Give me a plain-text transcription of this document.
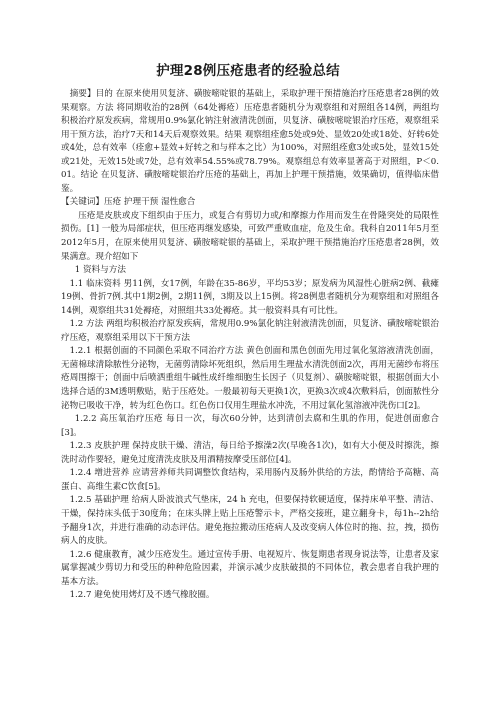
护理28例压疮患者的经验总结

摘要】目的 在原来使用贝复济、磺胺嘧啶银的基础上，采取护理干预措施治疗压疮患者28例的效果观察。方法 将同期收治的28例（64处褥疮）压疮患者随机分为观察组和对照组各14例，两组均积极治疗原发疾病，常规用0.9%氯化钠注射液清洗创面，贝复济、磺胺嘧啶银治疗压疮，观察组采用干预方法，治疗7天和14天后观察效果。结果 观察组痊愈5处或9处、显效20处或18处、好转6处或4处，总有效率（痊愈+显效+好转之和与样本之比）为100%，对照组痊愈3处或5处，显效15处或21处，无效15处或7处，总有效率54.55%或78.79%。观察组总有效率显著高于对照组，P＜0.01。结论 在贝复济、磺胺嘧啶银治疗压疮的基础上，再加上护理干预措施，效果确切，值得临床借鉴。

【关键词】压疮 护理干预 湿性愈合

压疮是皮肤或皮下组织由于压力，或复合有剪切力或/和摩擦力作用而发生在骨隆突处的局限性损伤。[1] 一般为局部症状，但压疮再继发感染，可致严重败血症，危及生命。我科自2011年5月至2012年5月，在原来使用贝复济、磺胺嘧啶银的基础上，采取护理干预措施治疗压疮患者28例，效果满意。现介绍如下

1 资料与方法

1.1 临床资料 男11例，女17例，年龄在35-86岁，平均53岁；原发病为风湿性心脏病2例、截瘫19例、骨折7例.其中1期2例，2期11例，3期及以上15例。将28例患者随机分为观察组和对照组各14例，观察组共31处褥疮，对照组共33处褥疮。其一般资料具有可比性。

1.2 方法 两组均积极治疗原发疾病，常规用0.9%氯化钠注射液清洗创面，贝复济、磺胺嘧啶银治疗压疮，观察组采用以下干预方法

1.2.1 根据创面的不同颜色采取不同治疗方法 黄色创面和黑色创面先用过氧化氢溶液清洗创面，无菌棉球清除脓性分泌物，无菌剪清除坏死组织，然后用生理盐水清洗创面2次，再用无菌纱布将压疮周围擦干；创面中后喷洒重组牛碱性成纤维细胞生长因子（贝复剂）、磺胺嘧啶银，根据创面大小选择合适的3M透明敷贴，贴于压疮处。一般最初每天更换1次，更换3次或4次敷料后，创面脓性分泌物已吸收干净，转为红色伤口。红色伤口仅用生理盐水冲洗，不用过氧化氢溶液冲洗伤口[2]。

1.2.2 高压氧治疗压疮 每日一次，每次60分钟，达到清创去腐和生肌的作用，促进创面愈合[3]。

1.2.3 皮肤护理 保持皮肤干燥、清洁，每日给予擦澡2次(早晚各1次)，如有大小便及时擦洗，擦洗时动作要轻，避免过度清洗皮肤及用酒精按摩受压部位[4]。

1.2.4 增进营养 应请营养师共同调整饮食结构，采用肠内及肠外供给的方法，酌情给予高糖、高蛋白、高维生素C饮食[5]。

1.2.5 基础护理 给病人卧波浪式气垫床，24 h 充电，但要保持软硬适度，保持床单平整、清洁、干燥，保持床头低于30度角；在床头牌上贴上压疮警示卡，严格交接班，建立翻身卡，每1h--2h给予翻身1次，并进行准确的动态评估。避免拖拉搬动压疮病人及改变病人体位时的拖、拉，拽，损伤病人的皮肤。

1.2.6 健康教育，减少压疮发生。通过宣传手册、电视短片、恢复期患者现身说法等，让患者及家属掌握减少剪切力和受压的种种危险因素，并演示减少皮肤破损的不同体位，教会患者自我护理的基本方法。

1.2.7 避免使用烤灯及不透气橡胶圈。
